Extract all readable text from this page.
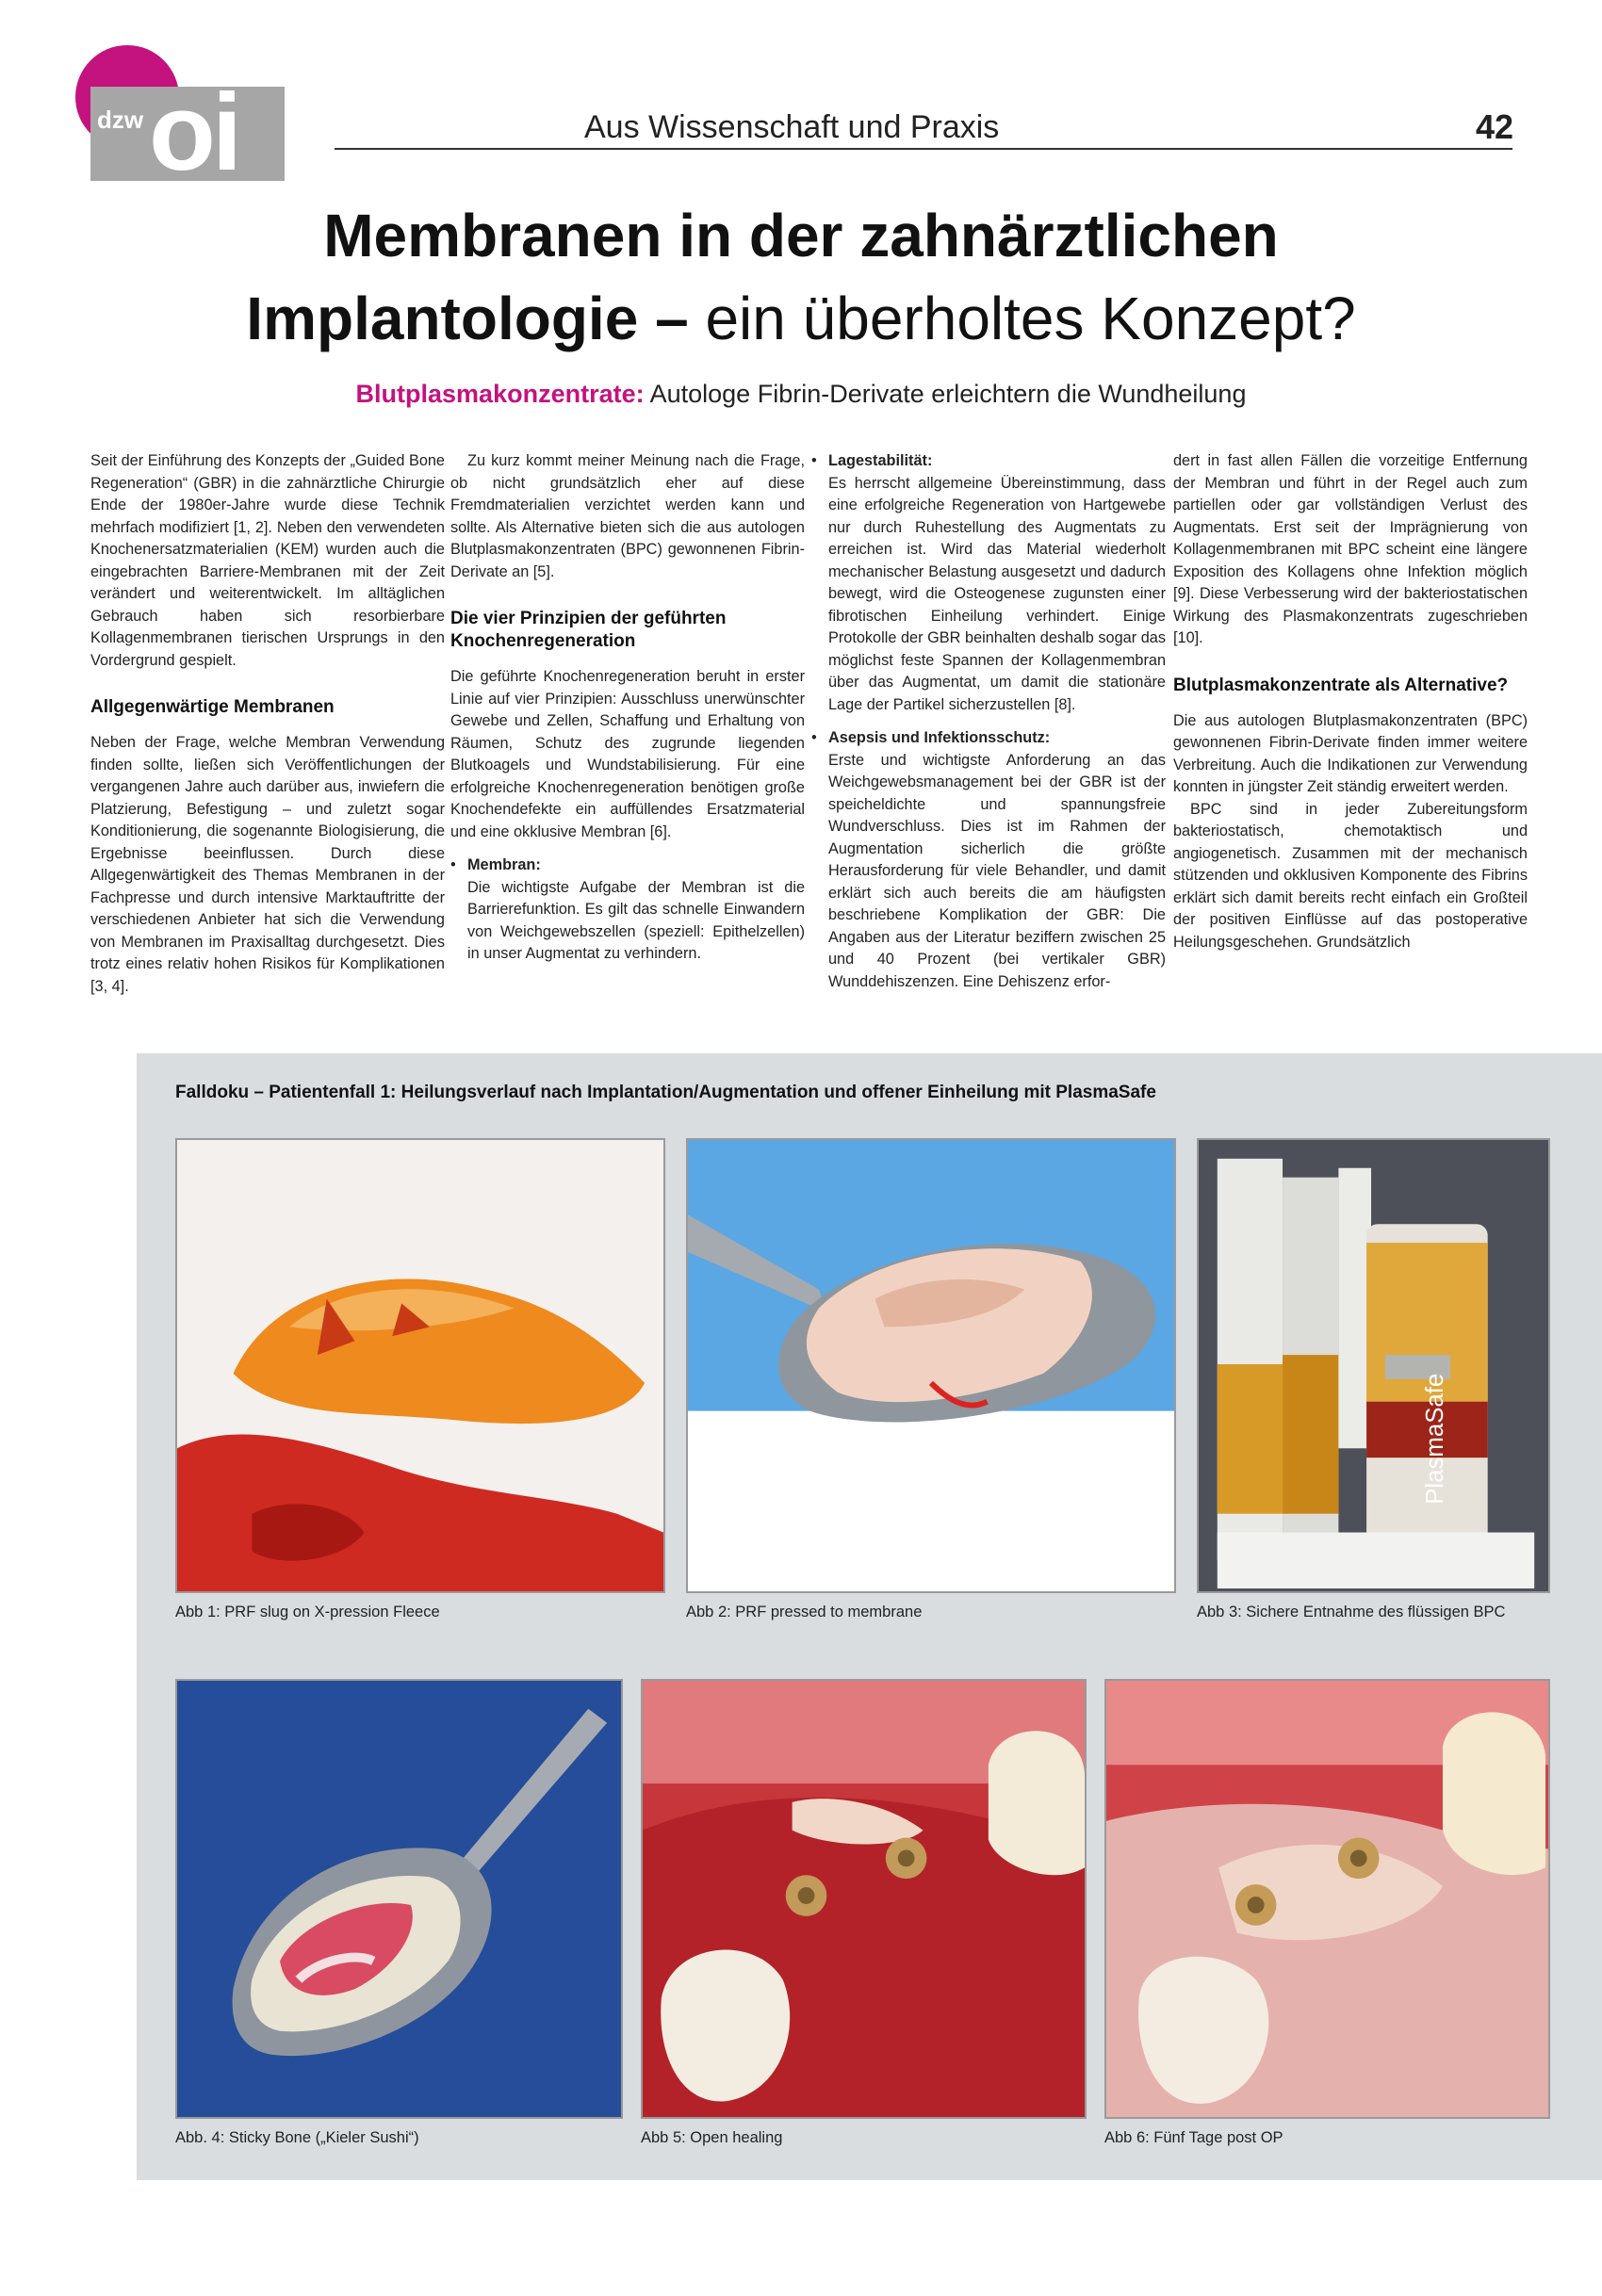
dzw oi	Aus Wissenschaft und Praxis	42
Membranen in der zahnärztlichen
Implantologie – ein überholtes Konzept?
Blutplasmakonzentrate: Autologe Fibrin-Derivate erleichtern die Wundheilung

Seit der Einführung des Konzepts der „Guided Bone Regeneration“ (GBR) in die zahnärztliche Chirurgie Ende der 1980er-Jahre wurde diese Technik mehrfach modifiziert [1, 2]. Neben den verwendeten Knochenersatzmaterialien (KEM) wurden auch die eingebrachten Barriere-Membranen mit der Zeit verändert und weiterentwickelt. Im alltäglichen Gebrauch haben sich resorbierbare Kollagenmembranen tierischen Ursprungs in den Vordergrund gespielt.

Allgegenwärtige Membranen

Neben der Frage, welche Membran Verwendung finden sollte, ließen sich Veröffentlichungen der vergangenen Jahre auch darüber aus, inwiefern die Platzierung, Befestigung – und zuletzt sogar Konditionierung, die sogenannte Biologisierung, die Ergebnisse beeinflussen. Durch diese Allgegenwärtigkeit des Themas Membranen in der Fachpresse und durch intensive Marktauftritte der verschiedenen Anbieter hat sich die Verwendung von Membranen im Praxisalltag durchgesetzt. Dies trotz eines relativ hohen Risikos für Komplikationen [3, 4].

Zu kurz kommt meiner Meinung nach die Frage, ob nicht grundsätzlich eher auf diese Fremdmaterialien verzichtet werden kann und sollte. Als Alternative bieten sich die aus autologen Blutplasmakonzentraten (BPC) gewonnenen Fibrin-Derivate an [5].

Die vier Prinzipien der geführten Knochenregeneration

Die geführte Knochenregeneration beruht in erster Linie auf vier Prinzipien: Ausschluss unerwünschter Gewebe und Zellen, Schaffung und Erhaltung von Räumen, Schutz des zugrunde liegenden Blutkoagels und Wundstabilisierung. Für eine erfolgreiche Knochenregeneration benötigen große Knochendefekte ein auffüllendes Ersatzmaterial und eine okklusive Membran [6].

• Membran:
Die wichtigste Aufgabe der Membran ist die Barrierefunktion. Es gilt das schnelle Einwandern von Weichgewebszellen (speziell: Epithelzellen) in unser Augmentat zu verhindern.
• Lagestabilität:
Es herrscht allgemeine Übereinstimmung, dass eine erfolgreiche Regeneration von Hartgewebe nur durch Ruhestellung des Augmentats zu erreichen ist. Wird das Material wiederholt mechanischer Belastung ausgesetzt und dadurch bewegt, wird die Osteogenese zugunsten einer fibrotischen Einheilung verhindert. Einige Protokolle der GBR beinhalten deshalb sogar das möglichst feste Spannen der Kollagenmembran über das Augmentat, um damit die stationäre Lage der Partikel sicherzustellen [8].
• Asepsis und Infektionsschutz:
Erste und wichtigste Anforderung an das Weichgewebsmanagement bei der GBR ist der speicheldichte und spannungsfreie Wundverschluss. Dies ist im Rahmen der Augmentation sicherlich die größte Herausforderung für viele Behandler, und damit erklärt sich auch bereits die am häufigsten beschriebene Komplikation der GBR: Die Angaben aus der Literatur beziffern zwischen 25 und 40 Prozent (bei vertikaler GBR) Wunddehiszenzen. Eine Dehiszenz erfor-

dert in fast allen Fällen die vorzeitige Entfernung der Membran und führt in der Regel auch zum partiellen oder gar vollständigen Verlust des Augmentats. Erst seit der Imprägnierung von Kollagenmembranen mit BPC scheint eine längere Exposition des Kollagens ohne Infektion möglich [9]. Diese Verbesserung wird der bakteriostatischen Wirkung des Plasmakonzentrats zugeschrieben [10].

Blutplasmakonzentrate als Alternative?

Die aus autologen Blutplasmakonzentraten (BPC) gewonnenen Fibrin-Derivate finden immer weitere Verbreitung. Auch die Indikationen zur Verwendung konnten in jüngster Zeit ständig erweitert werden.

BPC sind in jeder Zubereitungsform bakteriostatisch, chemotaktisch und angiogenetisch. Zusammen mit der mechanisch stützenden und okklusiven Komponente des Fibrins erklärt sich damit bereits recht einfach ein Großteil der positiven Einflüsse auf das postoperative Heilungsgeschehen. Grundsätzlich

Falldoku – Patientenfall 1: Heilungsverlauf nach Implantation/Augmentation und offener Einheilung mit PlasmaSafe
Abb 1: PRF slug on X-pression Fleece	Abb 2: PRF pressed to membrane
PlasmaSafe
Abb 3: Sichere Entnahme des flüssigen BPC
Abb. 4: Sticky Bone („Kieler Sushi“)	Abb 5: Open healing	Abb 6: Fünf Tage post OP
